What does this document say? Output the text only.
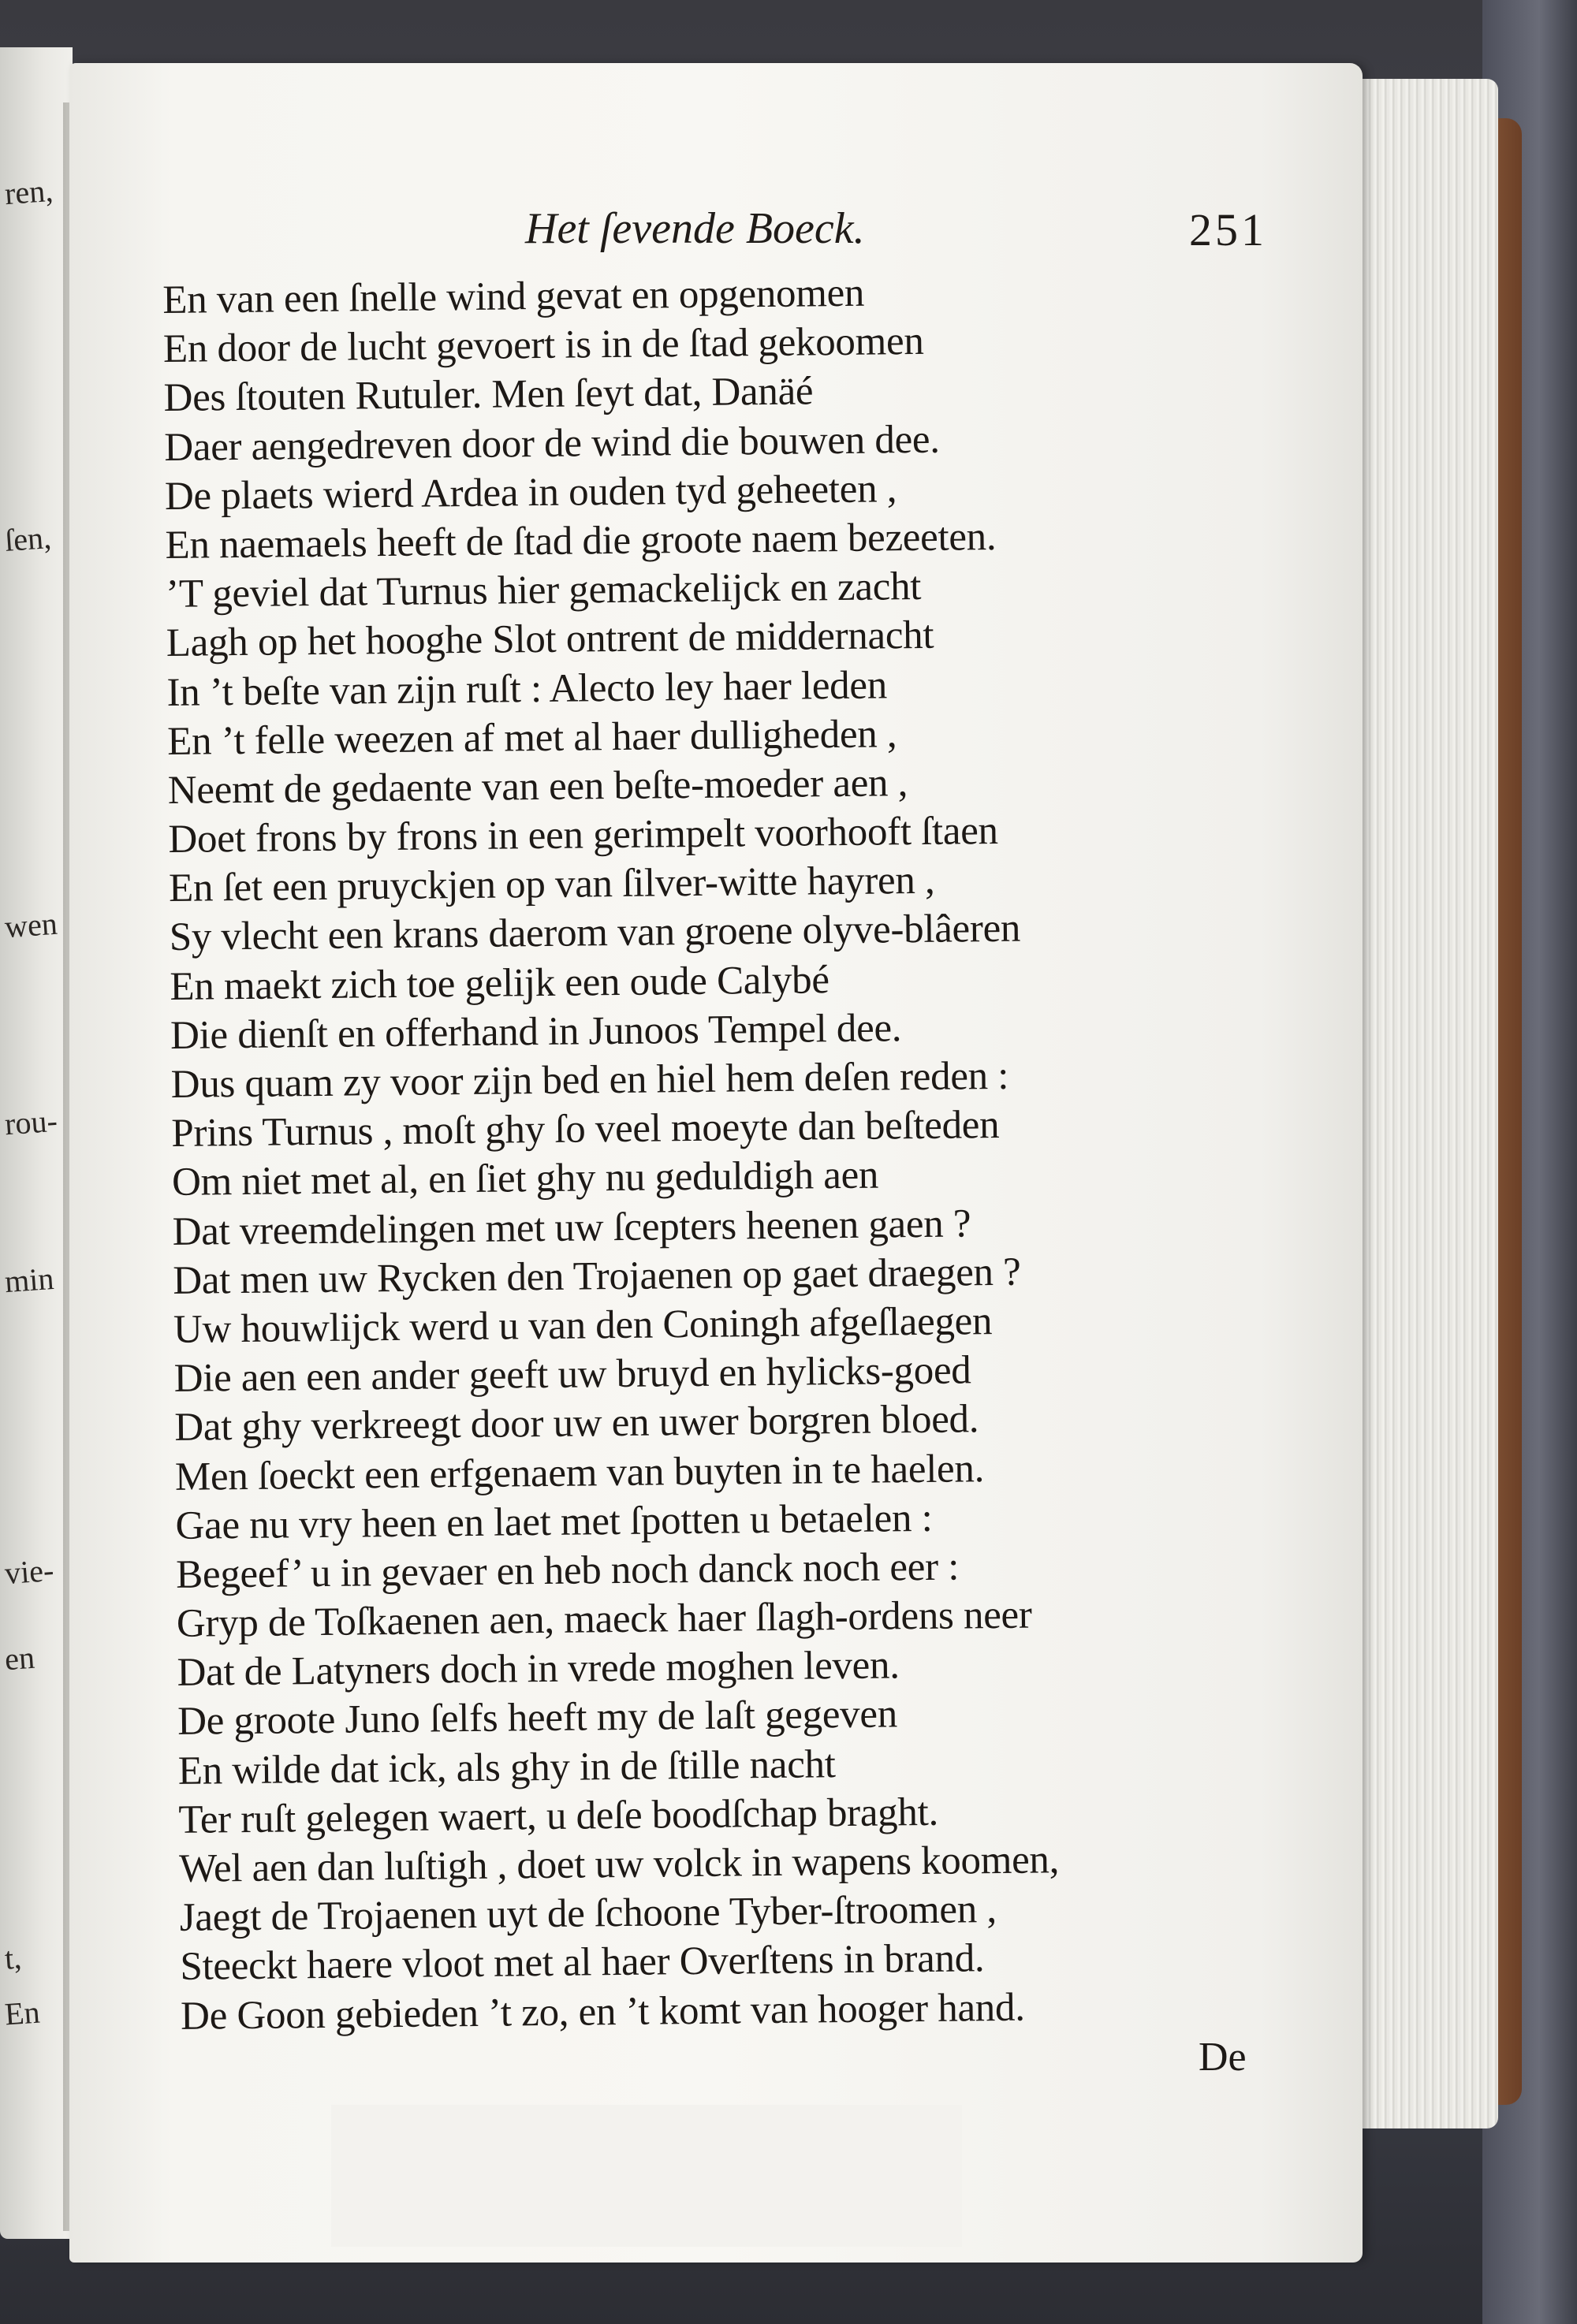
ren,
ſen,
wen
rou-
min
vie-
en
t,
En
Het ſevende Boeck.	251
En van een ſnelle wind gevat en opgenomen
En door de lucht gevoert is in de ſtad gekoomen
Des ſtouten Rutuler. Men ſeyt dat, Danäé
Daer aengedreven door de wind die bouwen dee.
De plaets wierd Ardea in ouden tyd geheeten ,
En naemaels heeft de ſtad die groote naem bezeeten.
’T geviel dat Turnus hier gemackelijck en zacht
Lagh op het hooghe Slot ontrent de middernacht
In ’t beſte van zijn ruſt : Alecto ley haer leden
En ’t felle weezen af met al haer dulligheden ,
Neemt de gedaente van een beſte-moeder aen ,
Doet frons by frons in een gerimpelt voorhooft ſtaen
En ſet een pruyckjen op van ſilver-witte hayren ,
Sy vlecht een krans daerom van groene olyve-blâeren
En maekt zich toe gelijk een oude Calybé
Die dienſt en offerhand in Junoos Tempel dee.
Dus quam zy voor zijn bed en hiel hem deſen reden :
Prins Turnus , moſt ghy ſo veel moeyte dan beſteden
Om niet met al, en ſiet ghy nu geduldigh aen
Dat vreemdelingen met uw ſcepters heenen gaen ?
Dat men uw Rycken den Trojaenen op gaet draegen ?
Uw houwlijck werd u van den Coningh afgeſlaegen
Die aen een ander geeft uw bruyd en hylicks-goed
Dat ghy verkreegt door uw en uwer borgren bloed.
Men ſoeckt een erfgenaem van buyten in te haelen.
Gae nu vry heen en laet met ſpotten u betaelen :
Begeef’ u in gevaer en heb noch danck noch eer :
Gryp de Toſkaenen aen, maeck haer ſlagh-ordens neer
Dat de Latyners doch in vrede moghen leven.
De groote Juno ſelfs heeft my de laſt gegeven
En wilde dat ick, als ghy in de ſtille nacht
Ter ruſt gelegen waert, u deſe boodſchap braght.
Wel aen dan luſtigh , doet uw volck in wapens koomen,
Jaegt de Trojaenen uyt de ſchoone Tyber-ſtroomen ,
Steeckt haere vloot met al haer Overſtens in brand.
De Goon gebieden ’t zo, en ’t komt van hooger hand.
De
